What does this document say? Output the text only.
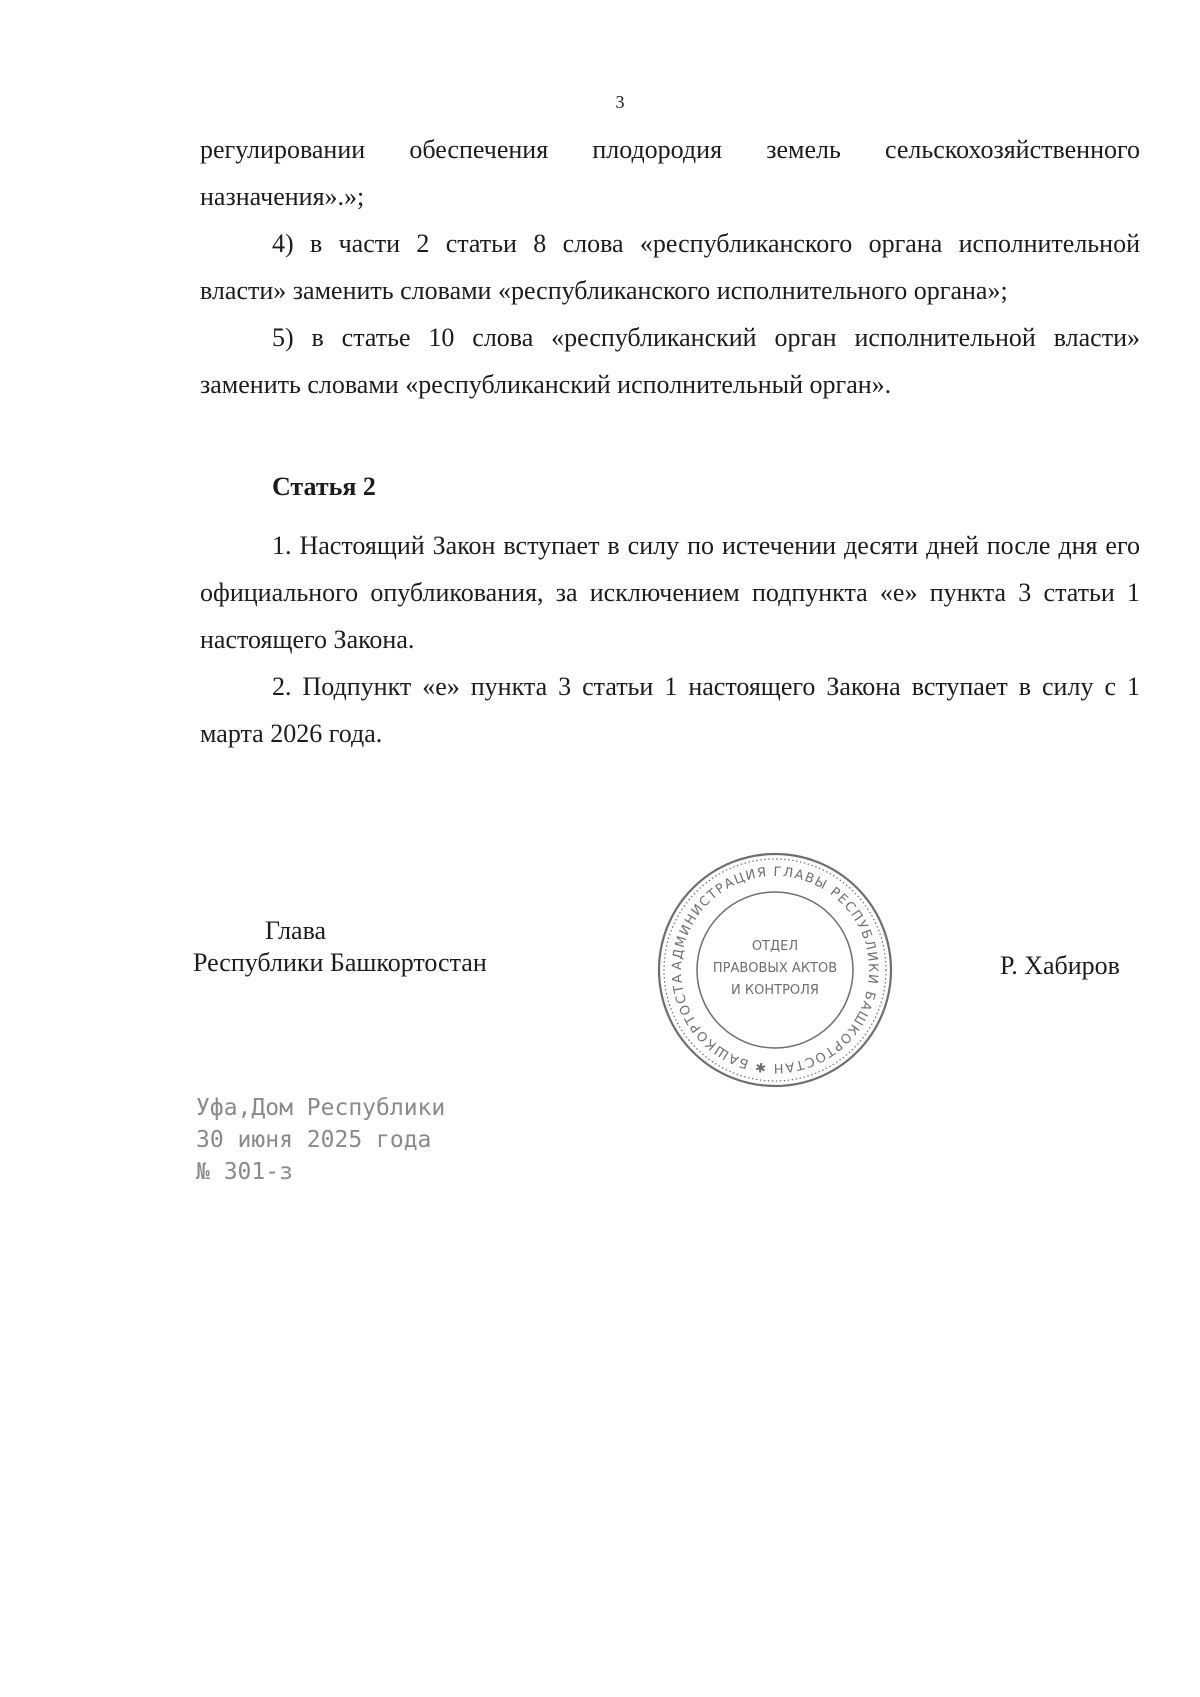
3

регулировании обеспечения плодородия земель сельскохозяйственного назначения».»;

4) в части 2 статьи 8 слова «республиканского органа исполнительной власти» заменить словами «республиканского исполнительного органа»;

5) в статье 10 слова «республиканский орган исполнительной власти» заменить словами «республиканский исполнительный орган».

Статья 2

1. Настоящий Закон вступает в силу по истечении десяти дней после дня его официального опубликования, за исключением подпункта «е» пункта 3 статьи 1 настоящего Закона.

2. Подпункт «е» пункта 3 статьи 1 настоящего Закона вступает в силу с 1 марта 2026 года.

Глава
Республики Башкортостан	АДМИНИСТРАЦИЯ ГЛАВЫ РЕСПУБЛИКИ БАШКОРТОСТАН ✱ БАШКОРТОСТА
ОТДЕЛ
ПРАВОВЫХ АКТОВ
И КОНТРОЛЯ
Р. Хабиров
Уфа,Дом Республики
30 июня 2025 года
№ 301-з
